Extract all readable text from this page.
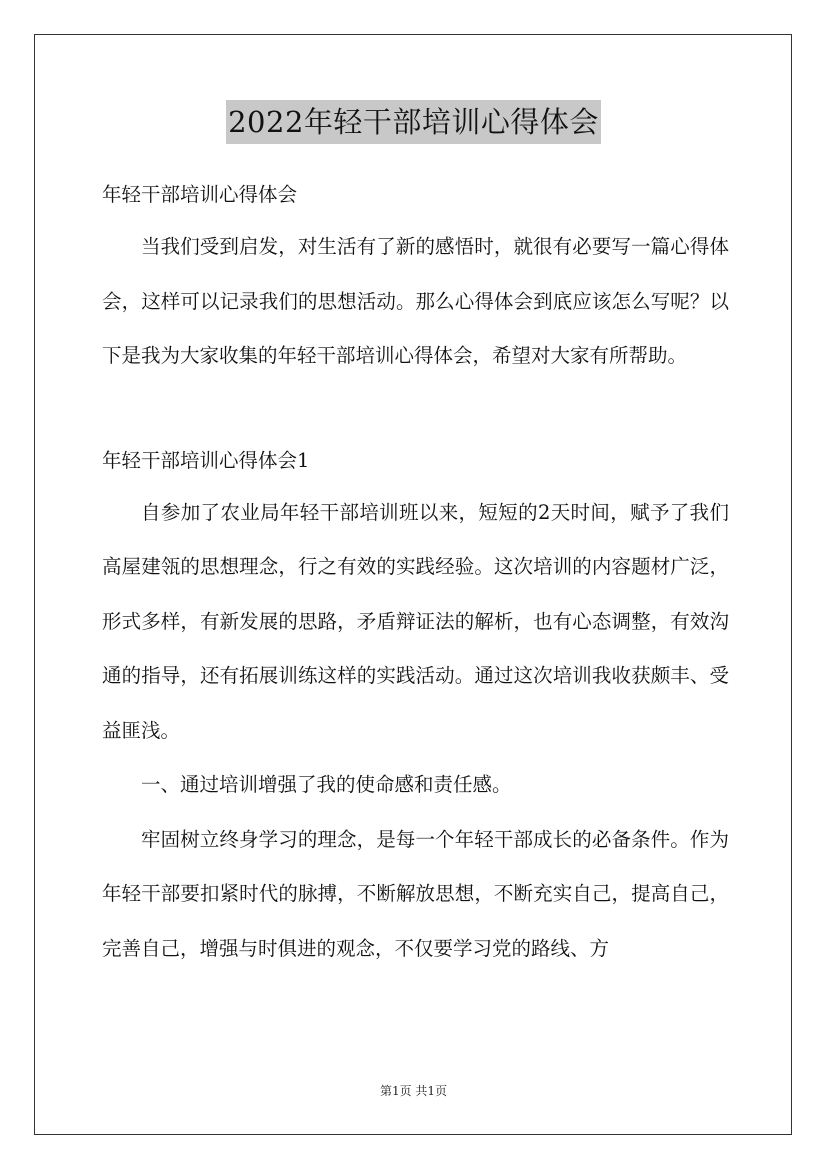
2022年轻干部培训心得体会

年轻干部培训心得体会

当我们受到启发，对生活有了新的感悟时，就很有必要写一篇心得体会，这样可以记录我们的思想活动。那么心得体会到底应该怎么写呢？以下是我为大家收集的年轻干部培训心得体会，希望对大家有所帮助。

年轻干部培训心得体会1

自参加了农业局年轻干部培训班以来，短短的2天时间，赋予了我们高屋建瓴的思想理念，行之有效的实践经验。这次培训的内容题材广泛，形式多样，有新发展的思路，矛盾辩证法的解析，也有心态调整，有效沟通的指导，还有拓展训练这样的实践活动。通过这次培训我收获颇丰、受益匪浅。

一、通过培训增强了我的使命感和责任感。

牢固树立终身学习的理念，是每一个年轻干部成长的必备条件。作为年轻干部要扣紧时代的脉搏，不断解放思想，不断充实自己，提高自己，完善自己，增强与时俱进的观念，不仅要学习党的路线、方

第1页 共1页
